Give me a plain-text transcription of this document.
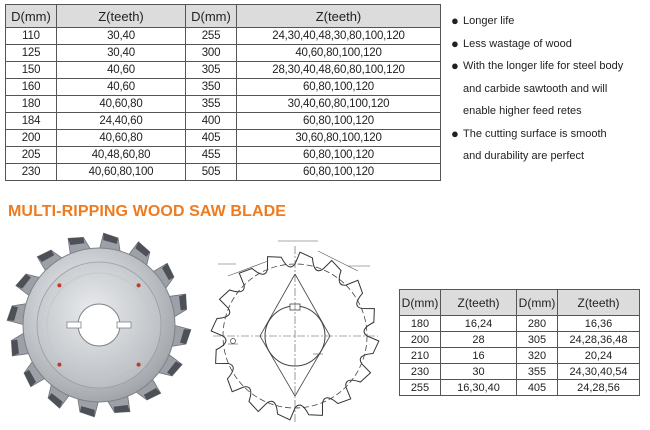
D(mm)	Z(teeth)	D(mm)	Z(teeth)
110	30,40	255	24,30,40,48,30,80,100,120
125	30,40	300	40,60,80,100,120
150	40,60	305	28,30,40,48,60,80,100,120
160	40,60	350	60,80,100,120
180	40,60,80	355	30,40,60,80,100,120
184	24,40,60	400	60,80,100,120
200	40,60,80	405	30,60,80,100,120
205	40,48,60,80	455	60,80,100,120
230	40,60,80,100	505	60,80,100,120
● Longer life
● Less wastage of wood
● With the longer life for steel body
and carbide sawtooth and will
enable higher feed retes
● The cutting surface is smooth
and durability are perfect
MULTI-RIPPING WOOD SAW BLADE
D(mm)	Z(teeth)	D(mm)	Z(teeth)
180	16,24	280	16,36
200	28	305	24,28,36,48
210	16	320	20,24
230	30	355	24,30,40,54
255	16,30,40	405	24,28,56
